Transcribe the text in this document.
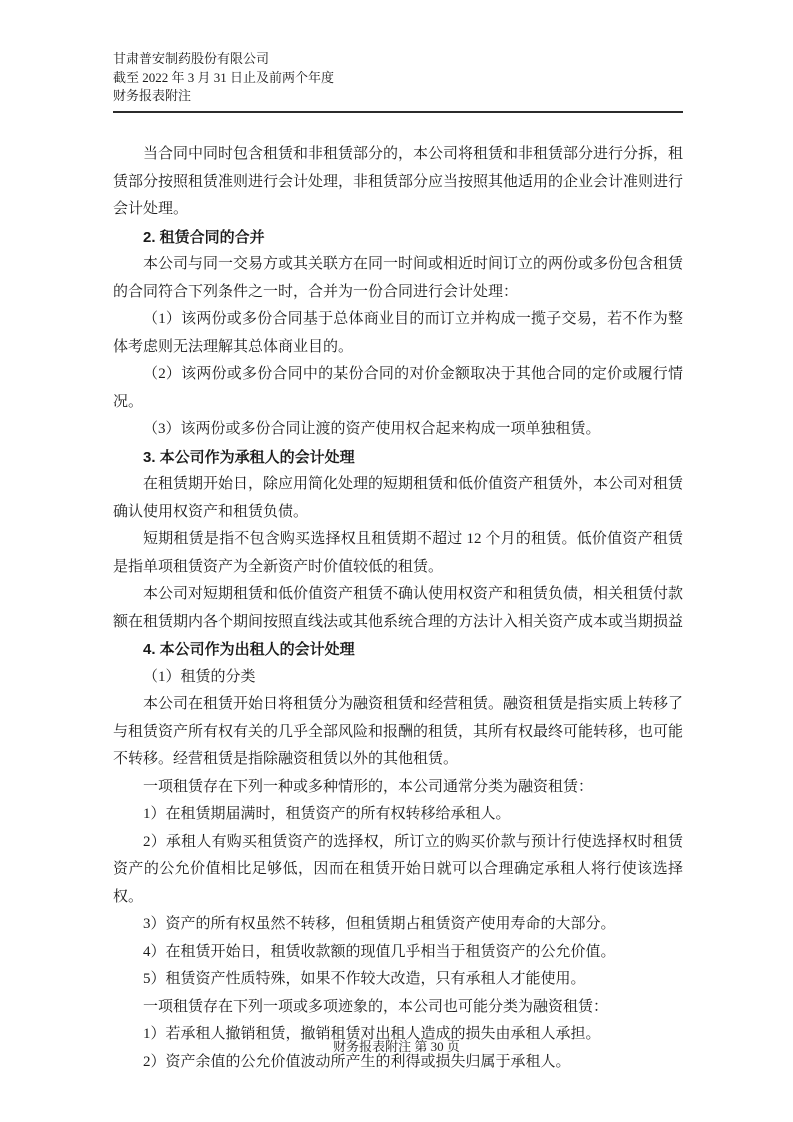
甘肃普安制药股份有限公司
截至 2022 年 3 月 31 日止及前两个年度
财务报表附注

当合同中同时包含租赁和非租赁部分的，本公司将租赁和非租赁部分进行分拆，租赁部分按照租赁准则进行会计处理，非租赁部分应当按照其他适用的企业会计准则进行会计处理。

2. 租赁合同的合并

本公司与同一交易方或其关联方在同一时间或相近时间订立的两份或多份包含租赁的合同符合下列条件之一时，合并为一份合同进行会计处理：

（1）该两份或多份合同基于总体商业目的而订立并构成一揽子交易，若不作为整体考虑则无法理解其总体商业目的。

（2）该两份或多份合同中的某份合同的对价金额取决于其他合同的定价或履行情况。

（3）该两份或多份合同让渡的资产使用权合起来构成一项单独租赁。

3. 本公司作为承租人的会计处理

在租赁期开始日，除应用简化处理的短期租赁和低价值资产租赁外，本公司对租赁确认使用权资产和租赁负债。

短期租赁是指不包含购买选择权且租赁期不超过 12 个月的租赁。低价值资产租赁是指单项租赁资产为全新资产时价值较低的租赁。

本公司对短期租赁和低价值资产租赁不确认使用权资产和租赁负债，相关租赁付款额在租赁期内各个期间按照直线法或其他系统合理的方法计入相关资产成本或当期损益

4. 本公司作为出租人的会计处理

（1）租赁的分类

本公司在租赁开始日将租赁分为融资租赁和经营租赁。融资租赁是指实质上转移了与租赁资产所有权有关的几乎全部风险和报酬的租赁，其所有权最终可能转移，也可能不转移。经营租赁是指除融资租赁以外的其他租赁。

一项租赁存在下列一种或多种情形的，本公司通常分类为融资租赁：

1）在租赁期届满时，租赁资产的所有权转移给承租人。

2）承租人有购买租赁资产的选择权，所订立的购买价款与预计行使选择权时租赁资产的公允价值相比足够低，因而在租赁开始日就可以合理确定承租人将行使该选择权。

3）资产的所有权虽然不转移，但租赁期占租赁资产使用寿命的大部分。

4）在租赁开始日，租赁收款额的现值几乎相当于租赁资产的公允价值。

5）租赁资产性质特殊，如果不作较大改造，只有承租人才能使用。

一项租赁存在下列一项或多项迹象的，本公司也可能分类为融资租赁：

1）若承租人撤销租赁，撤销租赁对出租人造成的损失由承租人承担。

2）资产余值的公允价值波动所产生的利得或损失归属于承租人。

财务报表附注 第 30 页
